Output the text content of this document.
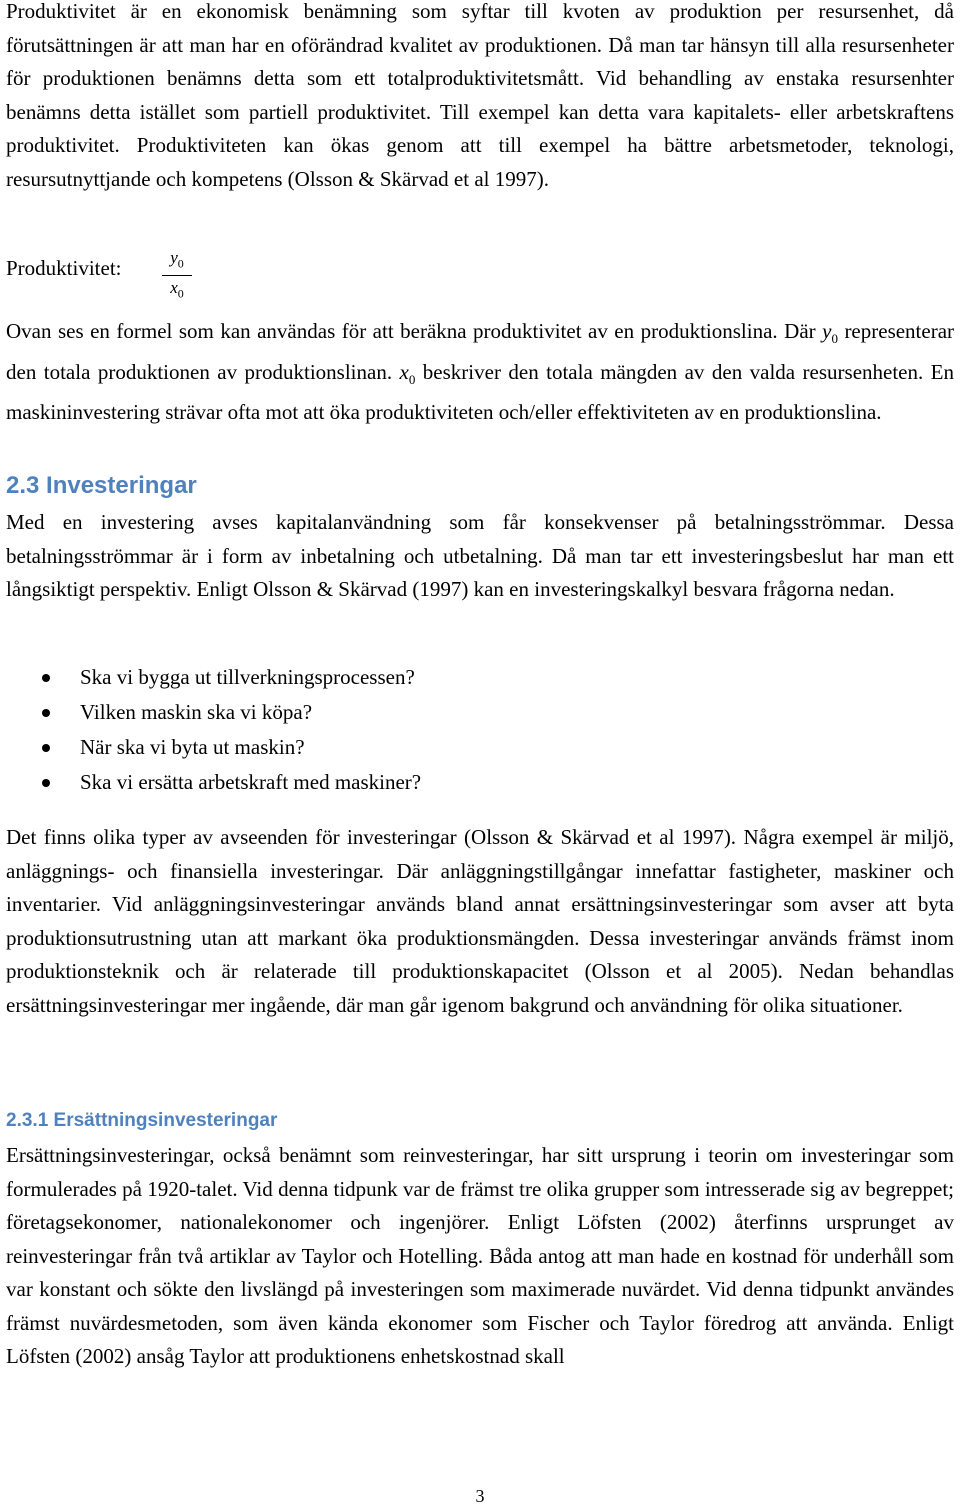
Produktivitet är en ekonomisk benämning som syftar till kvoten av produktion per resursenhet, då förutsättningen är att man har en oförändrad kvalitet av produktionen. Då man tar hänsyn till alla resursenheter för produktionen benämns detta som ett totalproduktivitetsmått. Vid behandling av enstaka resursenhter benämns detta istället som partiell produktivitet. Till exempel kan detta vara kapitalets- eller arbetskraftens produktivitet. Produktiviteten kan ökas genom att till exempel ha bättre arbetsmetoder, teknologi, resursutnyttjande och kompetens (Olsson & Skärvad et al 1997).

Produktivitet:	$y_0$
$x_0$

Ovan ses en formel som kan användas för att beräkna produktivitet av en produktionslina. Där $y_0$ representerar den totala produktionen av produktionslinan. $x_0$ beskriver den totala mängden av den valda resursenheten. En maskininvestering strävar ofta mot att öka produktiviteten och/eller effektiviteten av en produktionslina.

2.3 Investeringar

Med en investering avses kapitalanvändning som får konsekvenser på betalningsströmmar. Dessa betalningsströmmar är i form av inbetalning och utbetalning. Då man tar ett investeringsbeslut har man ett långsiktigt perspektiv. Enligt Olsson & Skärvad (1997) kan en investeringskalkyl besvara frågorna nedan.

Ska vi bygga ut tillverkningsprocessen?
Vilken maskin ska vi köpa?
När ska vi byta ut maskin?
Ska vi ersätta arbetskraft med maskiner?

Det finns olika typer av avseenden för investeringar (Olsson & Skärvad et al 1997). Några exempel är miljö, anläggnings- och finansiella investeringar. Där anläggningstillgångar innefattar fastigheter, maskiner och inventarier. Vid anläggningsinvesteringar används bland annat ersättningsinvesteringar som avser att byta produktionsutrustning utan att markant öka produktionsmängden. Dessa investeringar används främst inom produktionsteknik och är relaterade till produktionskapacitet (Olsson et al 2005). Nedan behandlas ersättningsinvesteringar mer ingående, där man går igenom bakgrund och användning för olika situationer.

2.3.1 Ersättningsinvesteringar

Ersättningsinvesteringar, också benämnt som reinvesteringar, har sitt ursprung i teorin om investeringar som formulerades på 1920-talet. Vid denna tidpunk var de främst tre olika grupper som intresserade sig av begreppet; företagsekonomer, nationalekonomer och ingenjörer. Enligt Löfsten (2002) återfinns ursprunget av reinvesteringar från två artiklar av Taylor och Hotelling. Båda antog att man hade en kostnad för underhåll som var konstant och sökte den livslängd på investeringen som maximerade nuvärdet. Vid denna tidpunkt användes främst nuvärdesmetoden, som även kända ekonomer som Fischer och Taylor föredrog att använda. Enligt Löfsten (2002) ansåg Taylor att produktionens enhetskostnad skall

3
